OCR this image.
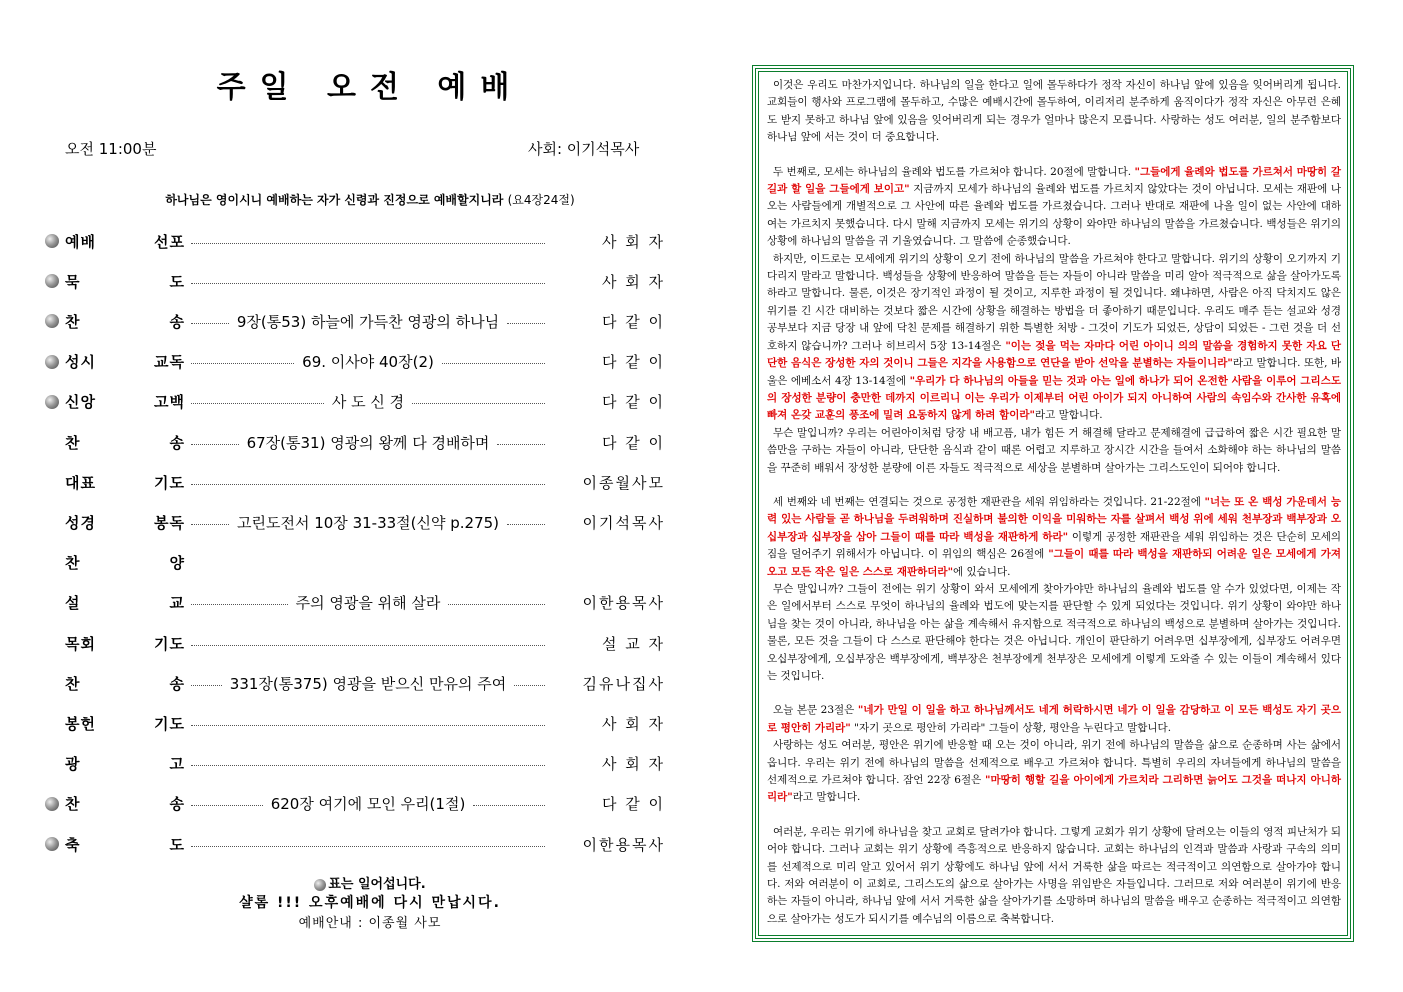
주일 오전 예배
오전 11:00분	사회: 이기석목사
하나님은 영이시니 예배하는 자가 신령과 진정으로 예배할지니라 (요4장24절)
예배	선포	사 회 자
묵	도	사 회 자
찬	송	9장(통53) 하늘에 가득찬 영광의 하나님	다 같 이
성시	교독	69. 이사야 40장(2)	다 같 이
신앙	고백	사 도 신 경	다 같 이
찬	송	67장(통31) 영광의 왕께 다 경배하며	다 같 이
대표	기도	이종월사모
성경	봉독	고린도전서 10장 31-33절(신약 p.275)	이기석목사
찬	양
설	교	주의 영광을 위해 살라	이한용목사
목회	기도	설 교 자
찬	송	331장(통375) 영광을 받으신 만유의 주여	김유나집사
봉헌	기도	사 회 자
광	고	사 회 자
찬	송	620장 여기에 모인 우리(1절)	다 같 이
축	도	이한용목사
표는 일어섭니다.
샬롬 !!! 오후예배에 다시 만납시다.
예배안내 : 이종월 사모

이것은 우리도 마찬가지입니다. 하나님의 일을 한다고 일에 몰두하다가 정작 자신이 하나님 앞에 있음을 잊어버리게 됩니다. 교회들이 행사와 프로그램에 몰두하고, 수많은 예배시간에 몰두하여, 이리저리 분주하게 움직이다가 정작 자신은 아무런 은혜도 받지 못하고 하나님 앞에 있음을 잊어버리게 되는 경우가 얼마나 많은지 모릅니다. 사랑하는 성도 여러분, 일의 분주함보다 하나님 앞에 서는 것이 더 중요합니다.

두 번째로, 모세는 하나님의 율례와 법도를 가르쳐야 합니다. 20절에 말합니다. "그들에게 율례와 법도를 가르쳐서 마땅히 갈 길과 할 일을 그들에게 보이고" 지금까지 모세가 하나님의 율례와 법도를 가르치지 않았다는 것이 아닙니다. 모세는 재판에 나오는 사람들에게 개별적으로 그 사안에 따른 율례와 법도를 가르쳤습니다. 그러나 반대로 재판에 나올 일이 없는 사안에 대하여는 가르치지 못했습니다. 다시 말해 지금까지 모세는 위기의 상황이 와야만 하나님의 말씀을 가르쳤습니다. 백성들은 위기의 상황에 하나님의 말씀을 귀 기울였습니다. 그 말씀에 순종했습니다.

하지만, 이드로는 모세에게 위기의 상황이 오기 전에 하나님의 말씀을 가르쳐야 한다고 말합니다. 위기의 상황이 오기까지 기다리지 말라고 말합니다. 백성들을 상황에 반응하여 말씀을 듣는 자들이 아니라 말씀을 미리 알아 적극적으로 삶을 살아가도록 하라고 말합니다. 물론, 이것은 장기적인 과정이 될 것이고, 지루한 과정이 될 것입니다. 왜냐하면, 사람은 아직 닥치지도 않은 위기를 긴 시간 대비하는 것보다 짧은 시간에 상황을 해결하는 방법을 더 좋아하기 때문입니다. 우리도 매주 듣는 설교와 성경공부보다 지금 당장 내 앞에 닥친 문제를 해결하기 위한 특별한 처방 - 그것이 기도가 되었든, 상담이 되었든 - 그런 것을 더 선호하지 않습니까? 그러나 히브리서 5장 13-14절은 "이는 젖을 먹는 자마다 어린 아이니 의의 말씀을 경험하지 못한 자요 단단한 음식은 장성한 자의 것이니 그들은 지각을 사용함으로 연단을 받아 선악을 분별하는 자들이니라"라고 말합니다. 또한, 바울은 에베소서 4장 13-14절에 "우리가 다 하나님의 아들을 믿는 것과 아는 일에 하나가 되어 온전한 사람을 이루어 그리스도의 장성한 분량이 충만한 데까지 이르리니 이는 우리가 이제부터 어린 아이가 되지 아니하여 사람의 속임수와 간사한 유혹에 빠져 온갖 교훈의 풍조에 밀려 요동하지 않게 하려 함이라"라고 말합니다.

무슨 말입니까? 우리는 어린아이처럼 당장 내 배고픔, 내가 힘든 거 해결해 달라고 문제해결에 급급하여 짧은 시간 필요한 말씀만을 구하는 자들이 아니라, 단단한 음식과 같이 때론 어렵고 지루하고 장시간 시간을 들여서 소화해야 하는 하나님의 말씀을 꾸준히 배워서 장성한 분량에 이른 자들도 적극적으로 세상을 분별하며 살아가는 그리스도인이 되어야 합니다.

세 번째와 네 번째는 연결되는 것으로 공정한 재판관을 세워 위임하라는 것입니다. 21-22절에 "너는 또 온 백성 가운데서 능력 있는 사람들 곧 하나님을 두려워하며 진실하며 불의한 이익을 미워하는 자를 살펴서 백성 위에 세워 천부장과 백부장과 오십부장과 십부장을 삼아 그들이 때를 따라 백성을 재판하게 하라" 이렇게 공정한 재판관을 세워 위임하는 것은 단순히 모세의 짐을 덜어주기 위해서가 아닙니다. 이 위임의 핵심은 26절에 "그들이 때를 따라 백성을 재판하되 어려운 일은 모세에게 가져오고 모든 작은 일은 스스로 재판하더라"에 있습니다.

무슨 말입니까? 그들이 전에는 위기 상황이 와서 모세에게 찾아가야만 하나님의 율례와 법도를 알 수가 있었다면, 이제는 작은 일에서부터 스스로 무엇이 하나님의 율례와 법도에 맞는지를 판단할 수 있게 되었다는 것입니다. 위기 상황이 와야만 하나님을 찾는 것이 아니라, 하나님을 아는 삶을 계속해서 유지함으로 적극적으로 하나님의 백성으로 분별하며 살아가는 것입니다. 물론, 모든 것을 그들이 다 스스로 판단해야 한다는 것은 아닙니다. 개인이 판단하기 어려우면 십부장에게, 십부장도 어려우면 오십부장에게, 오십부장은 백부장에게, 백부장은 천부장에게 천부장은 모세에게 이렇게 도와줄 수 있는 이들이 계속해서 있다는 것입니다.

오늘 본문 23절은 "네가 만일 이 일을 하고 하나님께서도 네게 허락하시면 네가 이 일을 감당하고 이 모든 백성도 자기 곳으로 평안히 가리라" "자기 곳으로 평안히 가리라" 그들이 상황, 평안을 누린다고 말합니다.

사랑하는 성도 여러분, 평안은 위기에 반응할 때 오는 것이 아니라, 위기 전에 하나님의 말씀을 삶으로 순종하며 사는 삶에서 옵니다. 우리는 위기 전에 하나님의 말씀을 선제적으로 배우고 가르쳐야 합니다. 특별히 우리의 자녀들에게 하나님의 말씀을 선제적으로 가르쳐야 합니다. 잠언 22장 6절은 "마땅히 행할 길을 아이에게 가르치라 그리하면 늙어도 그것을 떠나지 아니하리라"라고 말합니다.

여러분, 우리는 위기에 하나님을 찾고 교회로 달려가야 합니다. 그렇게 교회가 위기 상황에 달려오는 이들의 영적 피난처가 되어야 합니다. 그러나 교회는 위기 상황에 즉흥적으로 반응하지 않습니다. 교회는 하나님의 인격과 말씀과 사랑과 구속의 의미를 선제적으로 미리 알고 있어서 위기 상황에도 하나님 앞에 서서 거룩한 삶을 따르는 적극적이고 의연함으로 살아가야 합니다. 저와 여러분이 이 교회로, 그리스도의 삶으로 살아가는 사명을 위임받은 자들입니다. 그러므로 저와 여러분이 위기에 반응하는 자들이 아니라, 하나님 앞에 서서 거룩한 삶을 살아가기를 소망하며 하나님의 말씀을 배우고 순종하는 적극적이고 의연함으로 살아가는 성도가 되시기를 예수님의 이름으로 축복합니다.
